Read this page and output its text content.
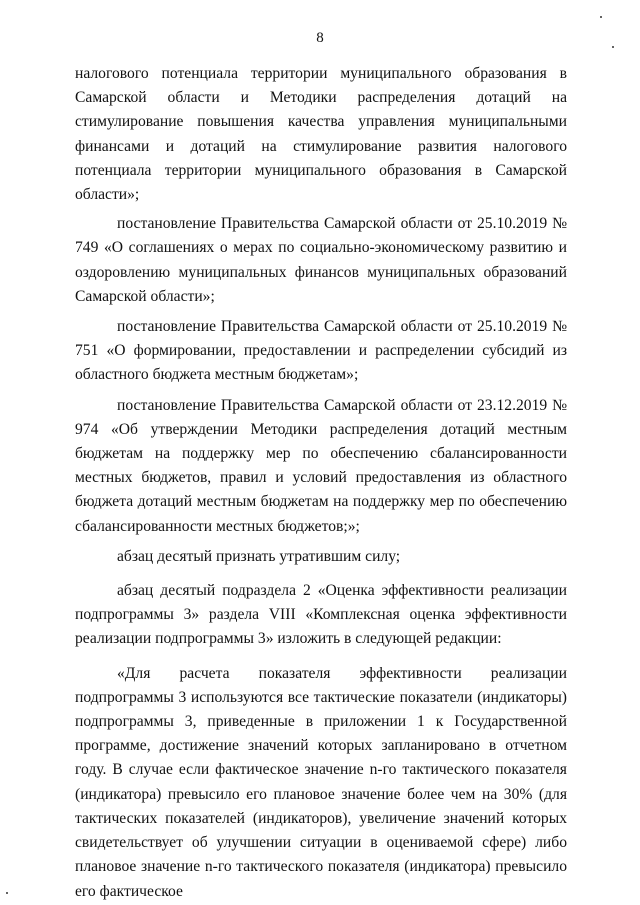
8

налогового потенциала территории муниципального образования в Самарской области и Методики распределения дотаций на стимулирование повышения качества управления муниципальными финансами и дотаций на стимулирование развития налогового потенциала территории муниципального образования в Самарской области»;

постановление Правительства Самарской области от 25.10.2019 № 749 «О соглашениях о мерах по социально-экономическому развитию и оздоровлению муниципальных финансов муниципальных образований Самарской области»;

постановление Правительства Самарской области от 25.10.2019 № 751 «О формировании, предоставлении и распределении субсидий из областного бюджета местным бюджетам»;

постановление Правительства Самарской области от 23.12.2019 № 974 «Об утверждении Методики распределения дотаций местным бюджетам на поддержку мер по обеспечению сбалансированности местных бюджетов, правил и условий предоставления из областного бюджета дотаций местным бюджетам на поддержку мер по обеспечению сбалансированности местных бюджетов;»;

абзац десятый признать утратившим силу;

абзац десятый подраздела 2 «Оценка эффективности реализации подпрограммы 3» раздела VIII «Комплексная оценка эффективности реализации подпрограммы 3» изложить в следующей редакции:

«Для расчета показателя эффективности реализации подпрограммы 3 используются все тактические показатели (индикаторы) подпрограммы 3, приведенные в приложении 1 к Государственной программе, достижение значений которых запланировано в отчетном году. В случае если фактическое значение n-го тактического показателя (индикатора) превысило его плановое значение более чем на 30% (для тактических показателей (индикаторов), увеличение значений которых свидетельствует об улучшении ситуации в оцениваемой сфере) либо плановое значение n-го тактического показателя (индикатора) превысило его фактическое
